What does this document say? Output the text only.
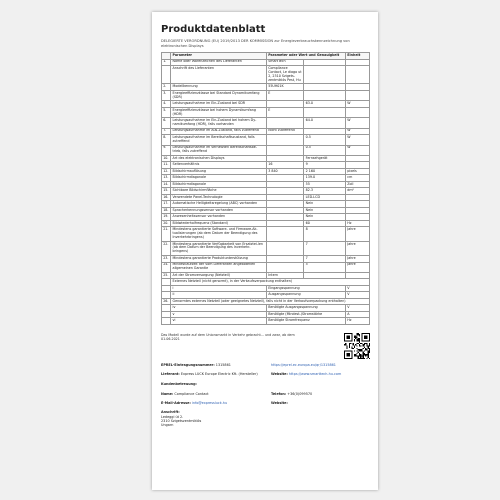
Produktdatenblatt
DELEGIERTE VERORDNUNG (EU) 2019/2013 DER KOMMISSION zur Energieverbrauchskennzeichnung von elektronischen Displays
	Parameter	Parameter oder Wert und Genauigkeit		Einheit
1.	Name oder Warenzeichen des Lieferanten	SmartTech		
	Anschrift des Lieferanten	Compliance Contact, Le diago ut 2, 2310 Szigets-zentmiklós Pest, Hu		
2.	Modellkennung	55UH01K		
3.	Energieeffizienzklasse bei Standard Dynamikumfang (SDR)	E		
4.	Leistungsaufnahme im Ein-Zustand bei SDR		63.0	W
5.	Energieeffizienzklasse bei hohem Dynamikumfang (HDR)	E		
6.	Leistungsaufnahme im Ein-Zustand bei hohem Dy-namikumfang (HDR), falls vorhanden		64.0	W
7.	Leistungsaufnahme im Aus-Zustand, falls zutreffend	Nicht zutreffend		W
8.	Leistungsaufnahme im Bereitschaftszustand, falls zutreffend		0.5	W
9.	Leistungsaufnahme im vernetzten Bereitschaftsbe-trieb, falls zutreffend		0.5	W
10.	Art des elektronischen Displays		Fernsehgerät	
11.	Seitenverhältnis	16	9	
12.	Bildschirmauflösung	3 840	2 160	pixels
13.	Bildschirmdiagonale		139.0	cm
14.	Bildschirmdiagonale		55	Zoll
15.	Sichtbare Bildschirmfläche		82.3	dm²
16.	Verwendete Panel-Technologie		LED-LCD	
17.	Automatische Helligkeitsregelung (ABC) vorhanden		Nein	
18.	Spracherkennungssensor vorhanden		Nein	
19.	Anwesenheitssensor vorhanden		Nein	
20.	Bildwiederholfrequenz (Standard)		60	Hz
21.	Mindestens garantierte Software- und Firmware-Ak-tualisierungen (ab dem Datum der Beendigung des Inverkehrbringens)		8	Jahre
22.	Mindestens garantierte Verfügbarkeit von Ersatztei-len (ab dem Datum der Beendigung des Inverkehr-bringens)		7	Jahre
23.	Mindestens garantierte Produktunterstützung		7	Jahre
24.	Mindestlaufzeit der vom Lieferanten angebotenen allgemeinen Garantie		5	Jahre
25.	Art der Stromversorgung (Netzteil)	Intern		
	Externes Netzteil (nicht genormt), in der Verkaufsverpackung enthalten)			
	i	Eingangsspannung		V
	ii	Ausgangsspannung		V
26.	Genormtes externes Netzteil (oder geeignetes Netzteil), falls nicht in der Verkaufsverpackung enthalten)			
	iv	Benötigte Ausgangsspannung		V
	v	Benötigte (Mindest-)Stromstärke		A
	vi	Benötigte Stromfrequenz		Hz
Das Modell wurde auf dem Unionsmarkt in Verkehr gebracht... und zwar, ab dem 01.06.2021
EPREL-Eintragungsnummer: 1315861	https://eprel.ec.europa.eu/qr/1315861
Lieferant: Express LUCK Europe Electric Kft. (Hersteller)	Website: https://www.smarttech-hu.com
Kundenbetreuung:
Name: Compliance Contact	Telefon: +36(0)099570
E-Mail-Adresse: info@expressluck.hu	Website:
Anschrift:
Ledeggi út 2.
2310 Szigetszentmiklós
Ungarn
